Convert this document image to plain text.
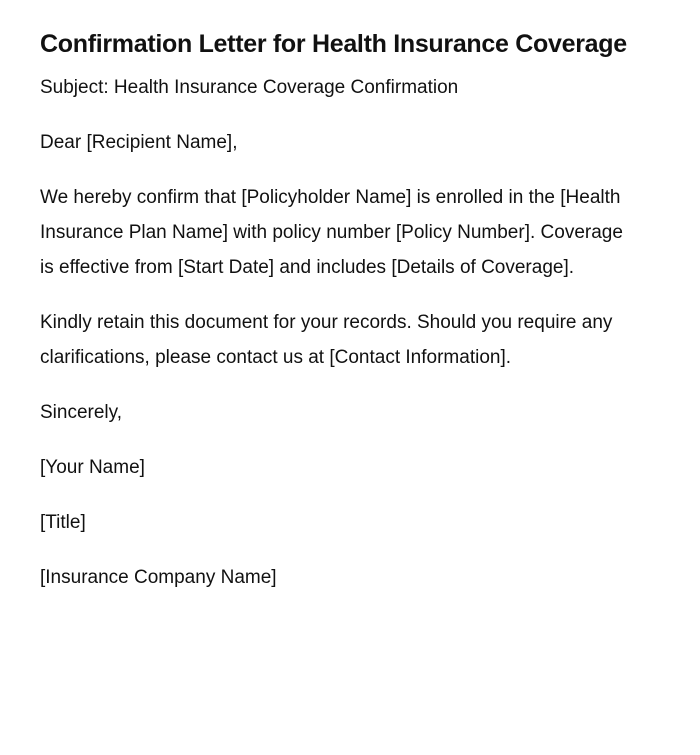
Confirmation Letter for Health Insurance Coverage

Subject: Health Insurance Coverage Confirmation

Dear [Recipient Name],

We hereby confirm that [Policyholder Name] is enrolled in the [Health Insurance Plan Name] with policy number [Policy Number]. Coverage is effective from [Start Date] and includes [Details of Coverage].

Kindly retain this document for your records. Should you require any clarifications, please contact us at [Contact Information].

Sincerely,

[Your Name]

[Title]

[Insurance Company Name]
